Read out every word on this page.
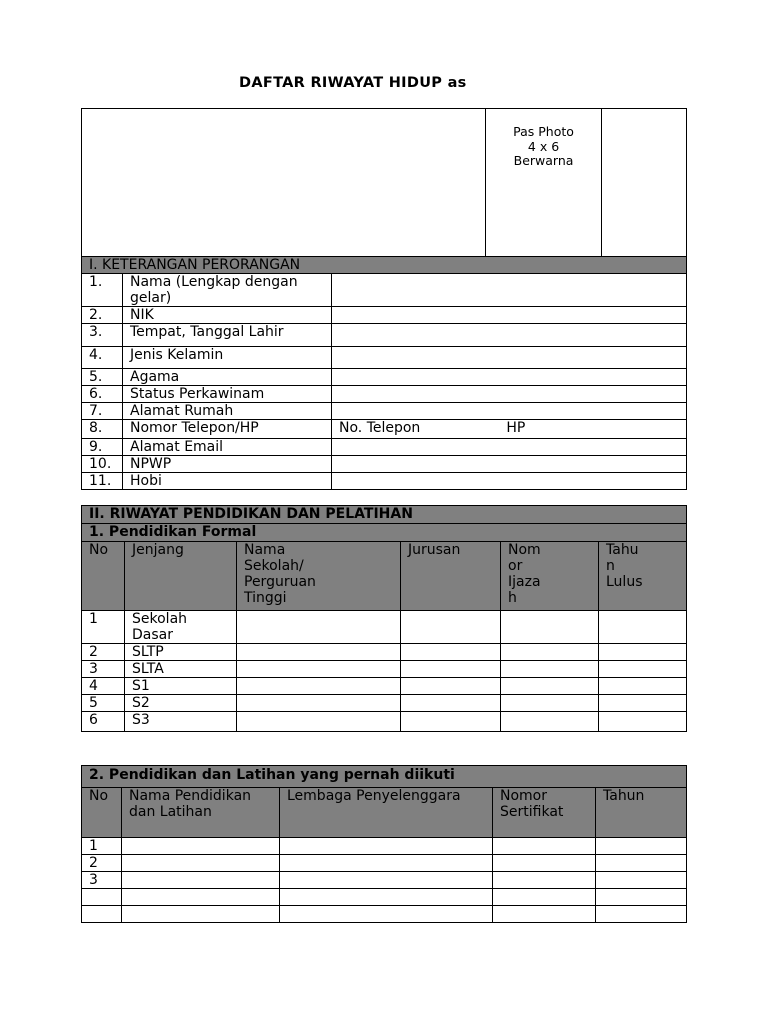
DAFTAR RIWAYAT HIDUP as

			Pas Photo
4 x 6
Berwarna	

I. KETERANGAN PERORANGAN				
1.	Nama (Lengkap dengan gelar)			
2.	NIK			
3.	Tempat, Tanggal Lahir			
4.	Jenis Kelamin			
5.	Agama			
6.	Status Perkawinam			
7.	Alamat Rumah			
8.	Nomor Telepon/HP	No. Telepon HP		
9.	Alamat Email			
10.	NPWP			
11.	Hobi			
II. RIWAYAT PENDIDIKAN DAN PELATIHAN					
1. Pendidikan Formal					
No	Jenjang	Nama Sekolah/ Perguruan Tinggi	Jurusan	Nom or Ijaza h	Tahu n Lulus
1	Sekolah Dasar				
2	SLTP				
3	SLTA				
4	S1				
5	S2				
6	S3				
2. Pendidikan dan Latihan yang pernah diikuti				
No	Nama Pendidikan dan Latihan	Lembaga Penyelenggara	Nomor Sertifikat	Tahun
1				
2				
3				
